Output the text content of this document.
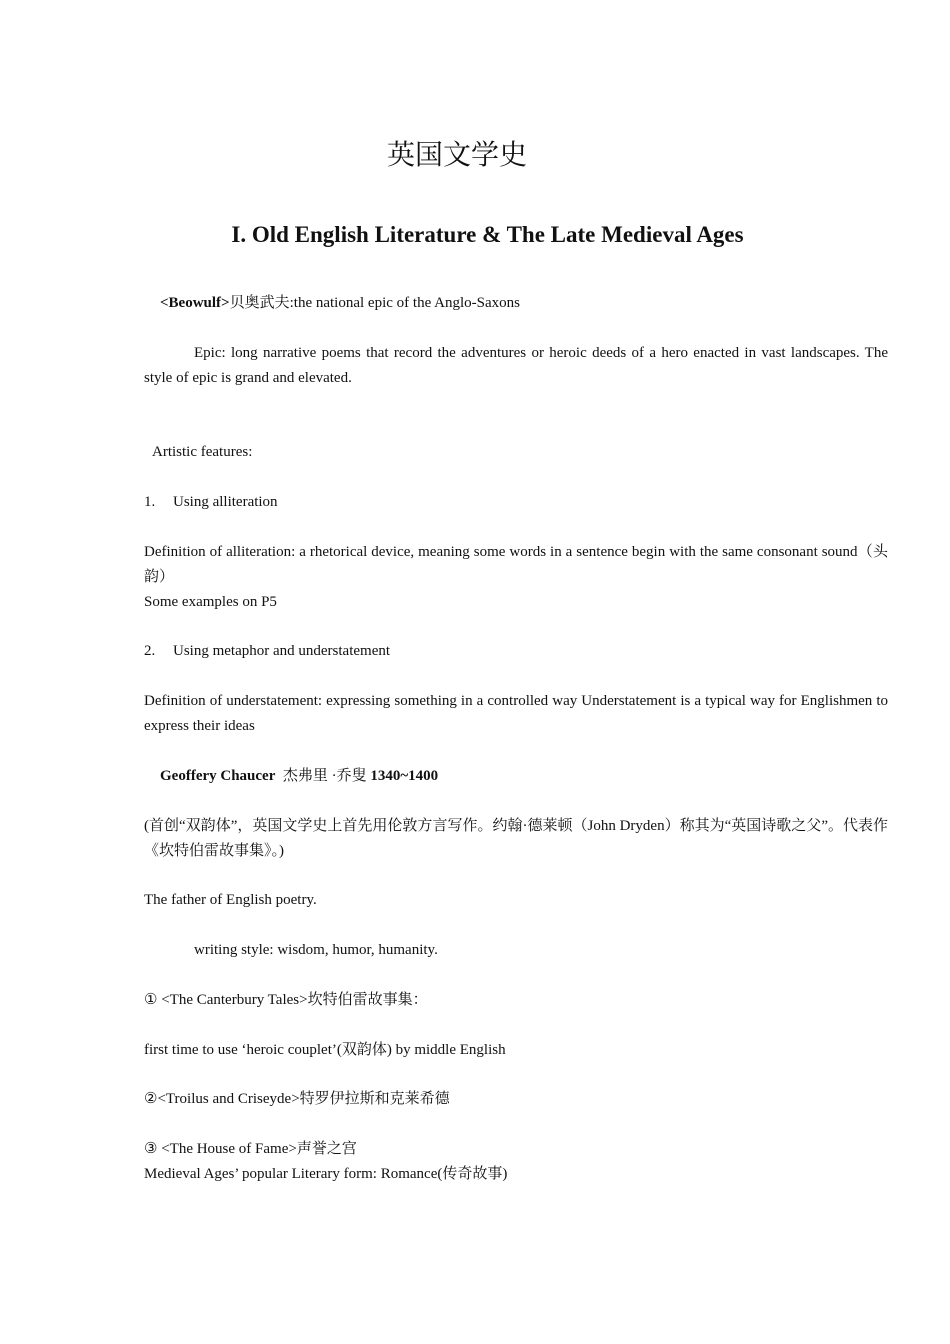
英国文学史
I. Old English Literature & The Late Medieval Ages
<Beowulf>贝奥武夫:the national epic of the Anglo-Saxons
Epic: long narrative poems that record the adventures or heroic deeds of a hero enacted in vast landscapes. The style of epic is grand and elevated.
Artistic features:
1. Using alliteration
Definition of alliteration: a rhetorical device, meaning some words in a sentence begin with the same consonant sound（头韵）
Some examples on P5
2. Using metaphor and understatement
Definition of understatement: expressing something in a controlled way Understatement is a typical way for Englishmen to express their ideas
Geoffery Chaucer 杰弗里 ·乔叟 1340~1400
(首创“双韵体”，英国文学史上首先用伦敦方言写作。约翰·德莱顿（John Dryden）称其为“英国诗歌之父”。代表作《坎特伯雷故事集》。)
The father of English poetry.
writing style: wisdom, humor, humanity.
① <The Canterbury Tales>坎特伯雷故事集：
first time to use ‘heroic couplet’(双韵体) by middle English
②<Troilus and Criseyde>特罗伊拉斯和克莱希德
③ <The House of Fame>声誉之宫
Medieval Ages’ popular Literary form: Romance(传奇故事)
